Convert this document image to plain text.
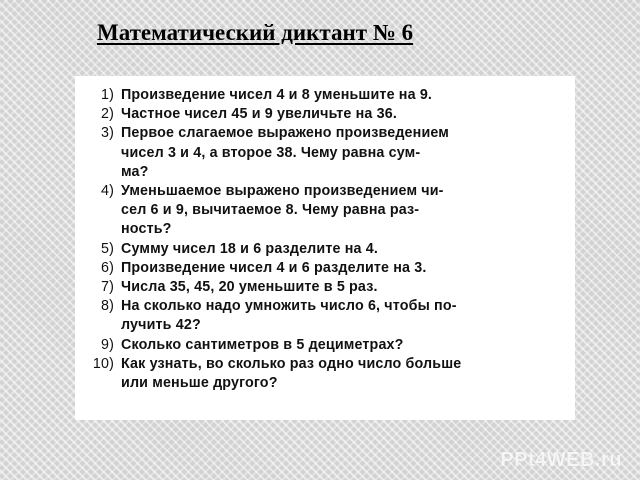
Математический диктант № 6
1) Произведение чисел 4 и 8 уменьшите на 9.
2) Частное чисел 45 и 9 увеличьте на 36.
3) Первое слагаемое выражено произведением
чисел 3 и 4, а второе 38. Чему равна сум-
ма?
4) Уменьшаемое выражено произведением чи-
сел 6 и 9, вычитаемое 8. Чему равна раз-
ность?
5) Сумму чисел 18 и 6 разделите на 4.
6) Произведение чисел 4 и 6 разделите на 3.
7) Числа 35, 45, 20 уменьшите в 5 раз.
8) На сколько надо умножить число 6, чтобы по-
лучить 42?
9) Сколько сантиметров в 5 дециметрах?
10) Как узнать, во сколько раз одно число больше
или меньше другого?
PPt4WEB.ru
